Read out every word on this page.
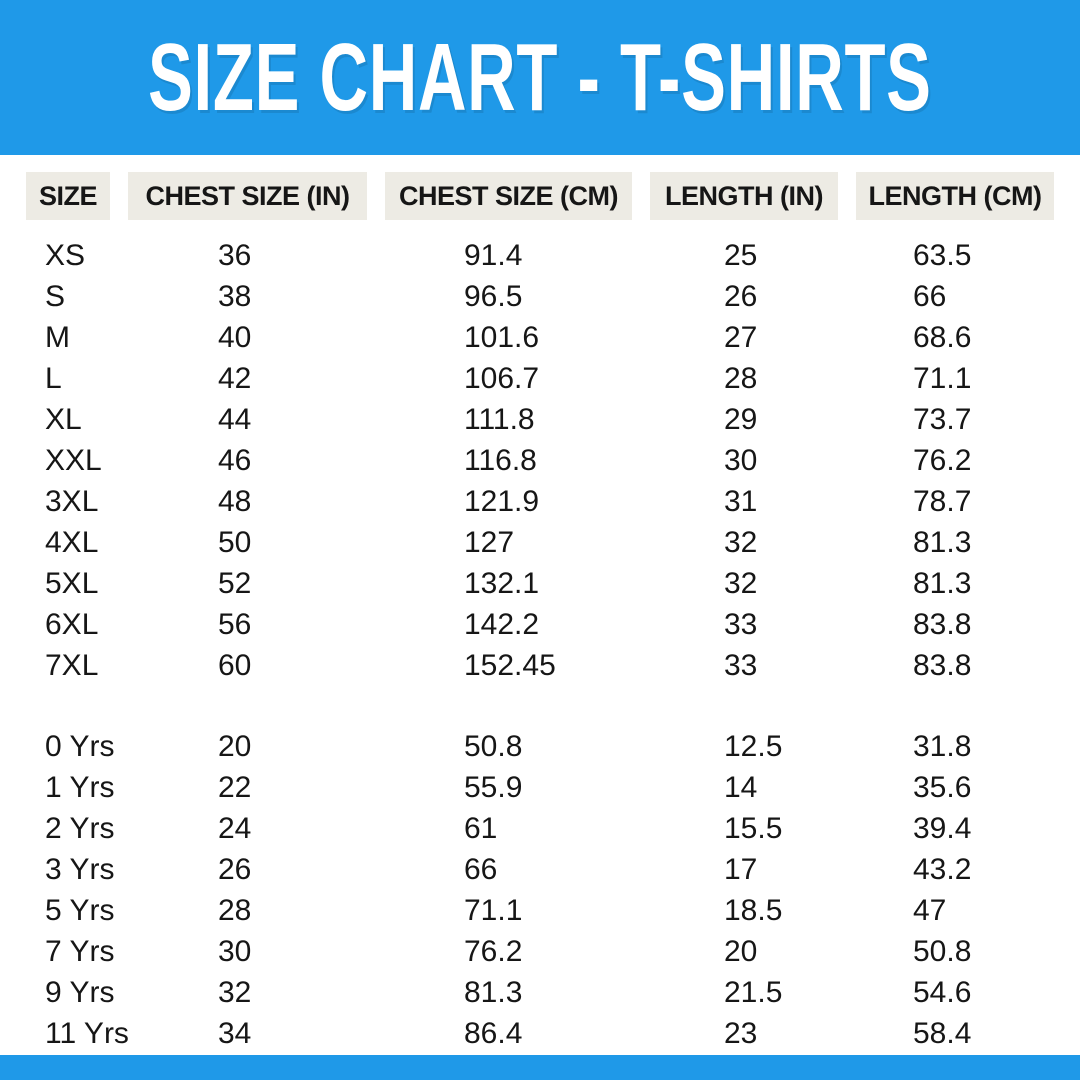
SIZE CHART - T-SHIRTS
SIZE	CHEST SIZE (IN)	CHEST SIZE (CM)	LENGTH (IN)	LENGTH (CM)
XS	36	91.4	25	63.5
S	38	96.5	26	66
M	40	101.6	27	68.6
L	42	106.7	28	71.1
XL	44	111.8	29	73.7
XXL	46	116.8	30	76.2
3XL	48	121.9	31	78.7
4XL	50	127	32	81.3
5XL	52	132.1	32	81.3
6XL	56	142.2	33	83.8
7XL	60	152.45	33	83.8
0 Yrs	20	50.8	12.5	31.8
1 Yrs	22	55.9	14	35.6
2 Yrs	24	61	15.5	39.4
3 Yrs	26	66	17	43.2
5 Yrs	28	71.1	18.5	47
7 Yrs	30	76.2	20	50.8
9 Yrs	32	81.3	21.5	54.6
11 Yrs	34	86.4	23	58.4
